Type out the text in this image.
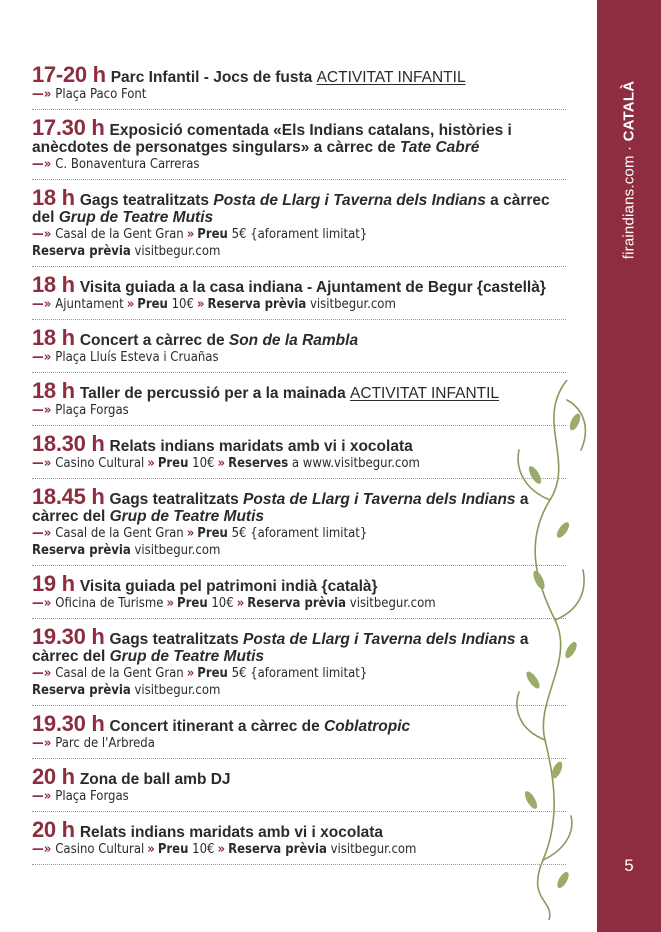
firaindians.com · CATALÀ
5
17-20 h Parc Infantil - Jocs de fusta ACTIVITAT INFANTIL
—» Plaça Paco Font
17.30 h Exposició comentada «Els Indians catalans, històries i anècdotes de personatges singulars» a càrrec de Tate Cabré
—» C. Bonaventura Carreras
18 h Gags teatralitzats Posta de Llarg i Taverna dels Indians a càrrec del Grup de Teatre Mutis
—» Casal de la Gent Gran » Preu 5€ {aforament limitat}
Reserva prèvia visitbegur.com
18 h Visita guiada a la casa indiana - Ajuntament de Begur {castellà}
—» Ajuntament » Preu 10€ » Reserva prèvia visitbegur.com
18 h Concert a càrrec de Son de la Rambla
—» Plaça Lluís Esteva i Cruañas
18 h Taller de percussió per a la mainada ACTIVITAT INFANTIL
—» Plaça Forgas
18.30 h Relats indians maridats amb vi i xocolata
—» Casino Cultural » Preu 10€ » Reserves a www.visitbegur.com
18.45 h Gags teatralitzats Posta de Llarg i Taverna dels Indians a càrrec del Grup de Teatre Mutis
—» Casal de la Gent Gran » Preu 5€ {aforament limitat}
Reserva prèvia visitbegur.com
19 h Visita guiada pel patrimoni indià {català}
—» Oficina de Turisme » Preu 10€ » Reserva prèvia visitbegur.com
19.30 h Gags teatralitzats Posta de Llarg i Taverna dels Indians a càrrec del Grup de Teatre Mutis
—» Casal de la Gent Gran » Preu 5€ {aforament limitat}
Reserva prèvia visitbegur.com
19.30 h Concert itinerant a càrrec de Coblatropic
—» Parc de l'Arbreda
20 h Zona de ball amb DJ
—» Plaça Forgas
20 h Relats indians maridats amb vi i xocolata
—» Casino Cultural » Preu 10€ » Reserva prèvia visitbegur.com
